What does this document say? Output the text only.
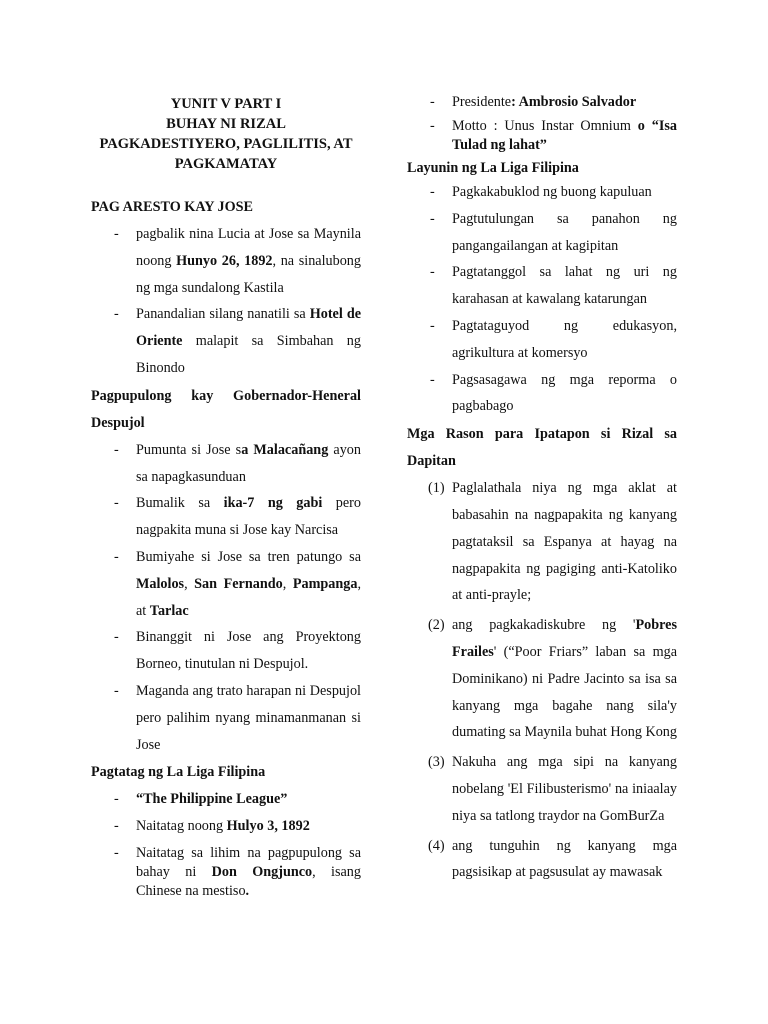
YUNIT V PART I
BUHAY NI RIZAL
PAGKADESTIYERO, PAGLILITIS, AT
PAGKAMATAY
PAG ARESTO KAY JOSE
- pagbalik nina Lucia at Jose sa Maynila noong Hunyo 26, 1892, na sinalubong ng mga sundalong Kastila
- Panandalian silang nanatili sa Hotel de Oriente malapit sa Simbahan ng Binondo
Pagpupulong kay Gobernador-Heneral Despujol
- Pumunta si Jose sa Malacañang ayon sa napagkasunduan
- Bumalik sa ika-7 ng gabi pero nagpakita muna si Jose kay Narcisa
- Bumiyahe si Jose sa tren patungo sa Malolos, San Fernando, Pampanga, at Tarlac
- Binanggit ni Jose ang Proyektong Borneo, tinutulan ni Despujol.
- Maganda ang trato harapan ni Despujol pero palihim nyang minamanmanan si Jose
Pagtatag ng La Liga Filipina
- “The Philippine League”
- Naitatag noong Hulyo 3, 1892
- Naitatag sa lihim na pagpupulong sa bahay ni Don Ongjunco, isang Chinese na mestiso.
- Presidente: Ambrosio Salvador
- Motto : Unus Instar Omnium o “Isa Tulad ng lahat”
Layunin ng La Liga Filipina
- Pagkakabuklod ng buong kapuluan
- Pagtutulungan sa panahon ng pangangailangan at kagipitan
- Pagtatanggol sa lahat ng uri ng karahasan at kawalang katarungan
- Pagtataguyod ng edukasyon, agrikultura at komersyo
- Pagsasagawa ng mga reporma o pagbabago
Mga Rason para Ipatapon si Rizal sa Dapitan
(1) Paglalathala niya ng mga aklat at babasahin na nagpapakita ng kanyang pagtataksil sa Espanya at hayag na nagpapakita ng pagiging anti-Katoliko at anti-prayle;
(2) ang pagkakadiskubre ng 'Pobres Frailes' (“Poor Friars” laban sa mga Dominikano) ni Padre Jacinto sa isa sa kanyang mga bagahe nang sila'y dumating sa Maynila buhat Hong Kong
(3) Nakuha ang mga sipi na kanyang nobelang 'El Filibusterismo' na iniaalay niya sa tatlong traydor na GomBurZa
(4) ang tunguhin ng kanyang mga pagsisikap at pagsusulat ay mawasak
